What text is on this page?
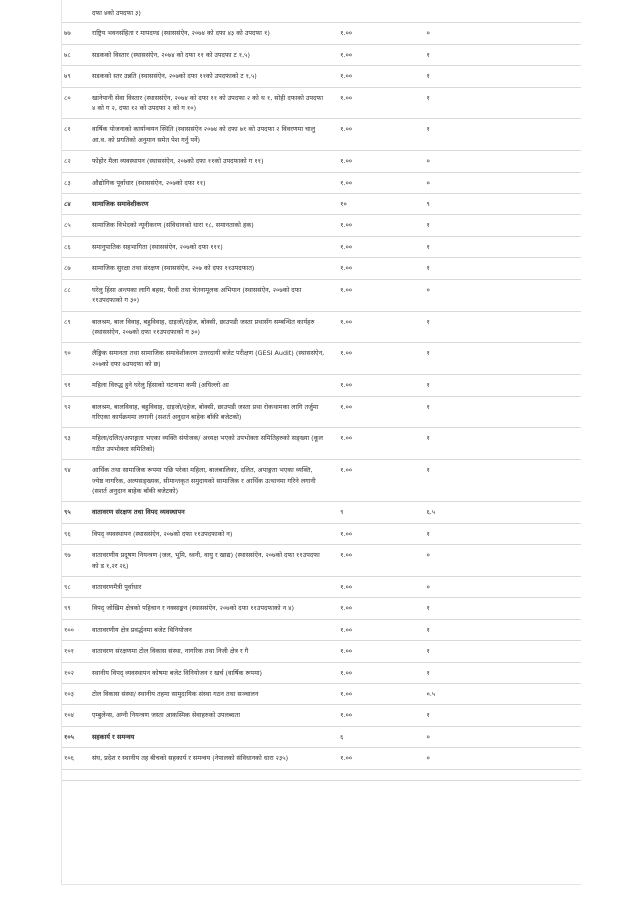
	दफा ४को उपदफा ३)		
७७	राष्ट्रिय भवनसंहिता र मापदण्ड (स्थाससंऐन, २०७४ को दफा ४३ को उपदफा १)	१.००	०
७८	सडकको विस्तार (स्थाससंऐन, २०७४ को दफा ११ को उपदफा ट १,५)	१.००	१
७९	सडकको स्तर उन्नति (स्थाससंऐन, २०७को दफा ११को उपदफाको ट १,५)	१.००	१
८०	खानेपानी सेवा विस्तार (स्थाससंऐन, २०७४ को दफा ११ को उपदफा २ को थ १, सोही दफाको उपदफा ४ को ग २, दफा १२ को उपदफा २ को ग १०)	१.००	१
८१	वार्षिक योजनाको कार्यान्वयन स्थिति (स्थाससंऐन २०७४ को दफा ७१ को उपदफा २ विवरणमा चालु आ.व. को प्रगतिको अनुमान समेत पेश गर्नु पर्ने)	१.००	१
८२	फोहोर मैला व्यवस्थापन (स्थाससंऐन, २०७को दफा ११को उपदफाको ग ११)	१.००	०
८३	औद्योगिक पूर्वाधार (स्थाससंऐन, २०७को दफा ११)	१.००	०
८४	सामाजिक समावेशीकरण	१०	९
८५	सामाजिक विभेदको न्यूनीकरण (संविधानको धारा १८, समानताको हक)	१.००	१
८६	समानुपातिक सहभागिता (स्थाससंऐन, २०७को दफा १११)	१.००	१
८७	सामाजिक सुरक्षा तथा संरक्षण (स्थाससंऐन, २०७ को दफा ११उपदफात)	१.००	१
८८	घरेलु हिंसा अन्त्यका लागि बहस, पैरवी तथा चेतनामूलक अभियान (स्थाससंऐन, २०७को दफा ११उपदफाको ग ३०)	१.००	०
८९	बालश्रम, बाल विवाह, बहुविवाह, दाइजो/दहेज, बोक्सी, छाउपडी जस्ता प्रथासँग सम्बन्धित कार्यहरु (स्थाससंऐन, २०७को दफा ११उपदफाको ग ३०)	१.००	१
९०	लैङ्गिक समानता तथा सामाजिक समावेशीकरण उत्तरदायी बजेट परीक्षण (GESI Audit) (स्थाससंऐन, २०७को दफा ७उपदफा को छ)	१.००	१
९१	महिला विरुद्ध हुने घरेलु हिंसाको घटनामा कमी (अघिल्लो आ	१.००	१
९२	बालश्रम, बालविवाह, बहुविवाह, दाइजो/दहेज, बोक्सी, छाउपडी जस्ता प्रथा रोकथामका लागि तर्जुमा गरिएका कार्यक्रममा लगानी (सशर्त अनुदान बाहेक बाँकी बजेटको)	१.००	१
९३	महिला/दलित/अपाङ्गता भएका व्यक्ति संयोजक/ अध्यक्ष भएको उपभोक्ता समितिहरुको सङ्ख्या (कूल गठीत उपभोक्ता समितिको)	१.००	१
९४	आर्थिक तथा सामाजिक रूपमा पछि परेका महिला, बालबालिका, दलित, अपाङ्गता भएका व्यक्ति, ज्येष्ठ नागरिक, अल्पसङ्ख्यक, सीमान्तकृत समुदायको सामाजिक र आर्थिक उत्थानमा गरिने लगानी (सशर्त अनुदान बाहेक बाँकी बजेटको)	१.००	१
९५	वातावरण संरक्षण तथा विपद व्यवस्थापन	९	६.५
९६	विपद् व्यवस्थापन (स्थाससंऐन, २०७को दफा ११उपदफाको न)	१.००	१
९७	वातावरणीय प्रदूषण नियन्त्रण (जल, भूमि, ध्वनी, वायु र खाद्य) (स्थाससंऐन, २०७को दफा ११उपदफा को ड १,२र २६)	१.००	०
९८	वातावरणमैत्री पूर्वाधार	१.००	०
९९	विपद् जोखिम क्षेत्रको पहिचान र नक्साङ्कन (स्थाससंऐन, २०७को दफा ११उपदफाको न ४)	१.००	१
१००	वातावरणीय क्षेत्र प्रवर्द्धनमा बजेट विनियोजन	१.००	१
१०१	वातावरण संरक्षणमा टोल विकास संस्था, नागरिक तथा निजी क्षेत्र र गै	१.००	१
१०२	स्थानीय विपद् व्यवस्थापन कोषमा बजेट विनियोजन र खर्च (वार्षिक रूपमा)	१.००	१
१०३	टोल विकास संस्था/ स्थानीय तहमा सामुदायिक संस्था गठन तथा सञ्चालन	१.००	०.५
१०४	एम्बुलेन्स, अग्नी नियन्त्रण जस्ता आकस्मिक सेवाहरुको उपलब्धता	१.००	१
१०५	सहकार्य र समन्वय	६	०
१०६	संघ, प्रदेश र स्थानीय तह बीचको सहकार्य र समन्वय (नेपालको संविधानको धारा २३५)	१.००	०
